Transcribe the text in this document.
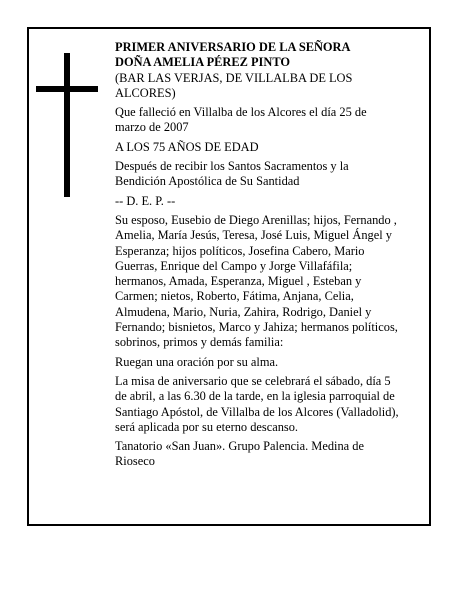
PRIMER ANIVERSARIO DE LA SEÑORA

DOÑA AMELIA PÉREZ PINTO

(BAR LAS VERJAS, DE VILLALBA DE LOS ALCORES)

Que falleció en Villalba de los Alcores el día 25 de marzo de 2007

A LOS 75 AÑOS DE EDAD

Después de recibir los Santos Sacramentos y la Bendición Apostólica de Su Santidad

-- D. E. P. --

Su esposo, Eusebio de Diego Arenillas; hijos, Fernando , Amelia, María Jesús, Teresa, José Luis, Miguel Ángel y Esperanza; hijos políticos, Josefina Cabero, Mario Guerras, Enrique del Campo y Jorge Villafáfila; hermanos, Amada, Esperanza, Miguel , Esteban y Carmen; nietos, Roberto, Fátima, Anjana, Celia, Almudena, Mario, Nuria, Zahira, Rodrigo, Daniel y Fernando; bisnietos, Marco y Jahiza; hermanos políticos, sobrinos, primos y demás familia:

Ruegan una oración por su alma.

La misa de aniversario que se celebrará el sábado, día 5 de abril, a las 6.30 de la tarde, en la iglesia parroquial de Santiago Apóstol, de Villalba de los Alcores (Valladolid), será aplicada por su eterno descanso.

Tanatorio «San Juan». Grupo Palencia. Medina de Rioseco
